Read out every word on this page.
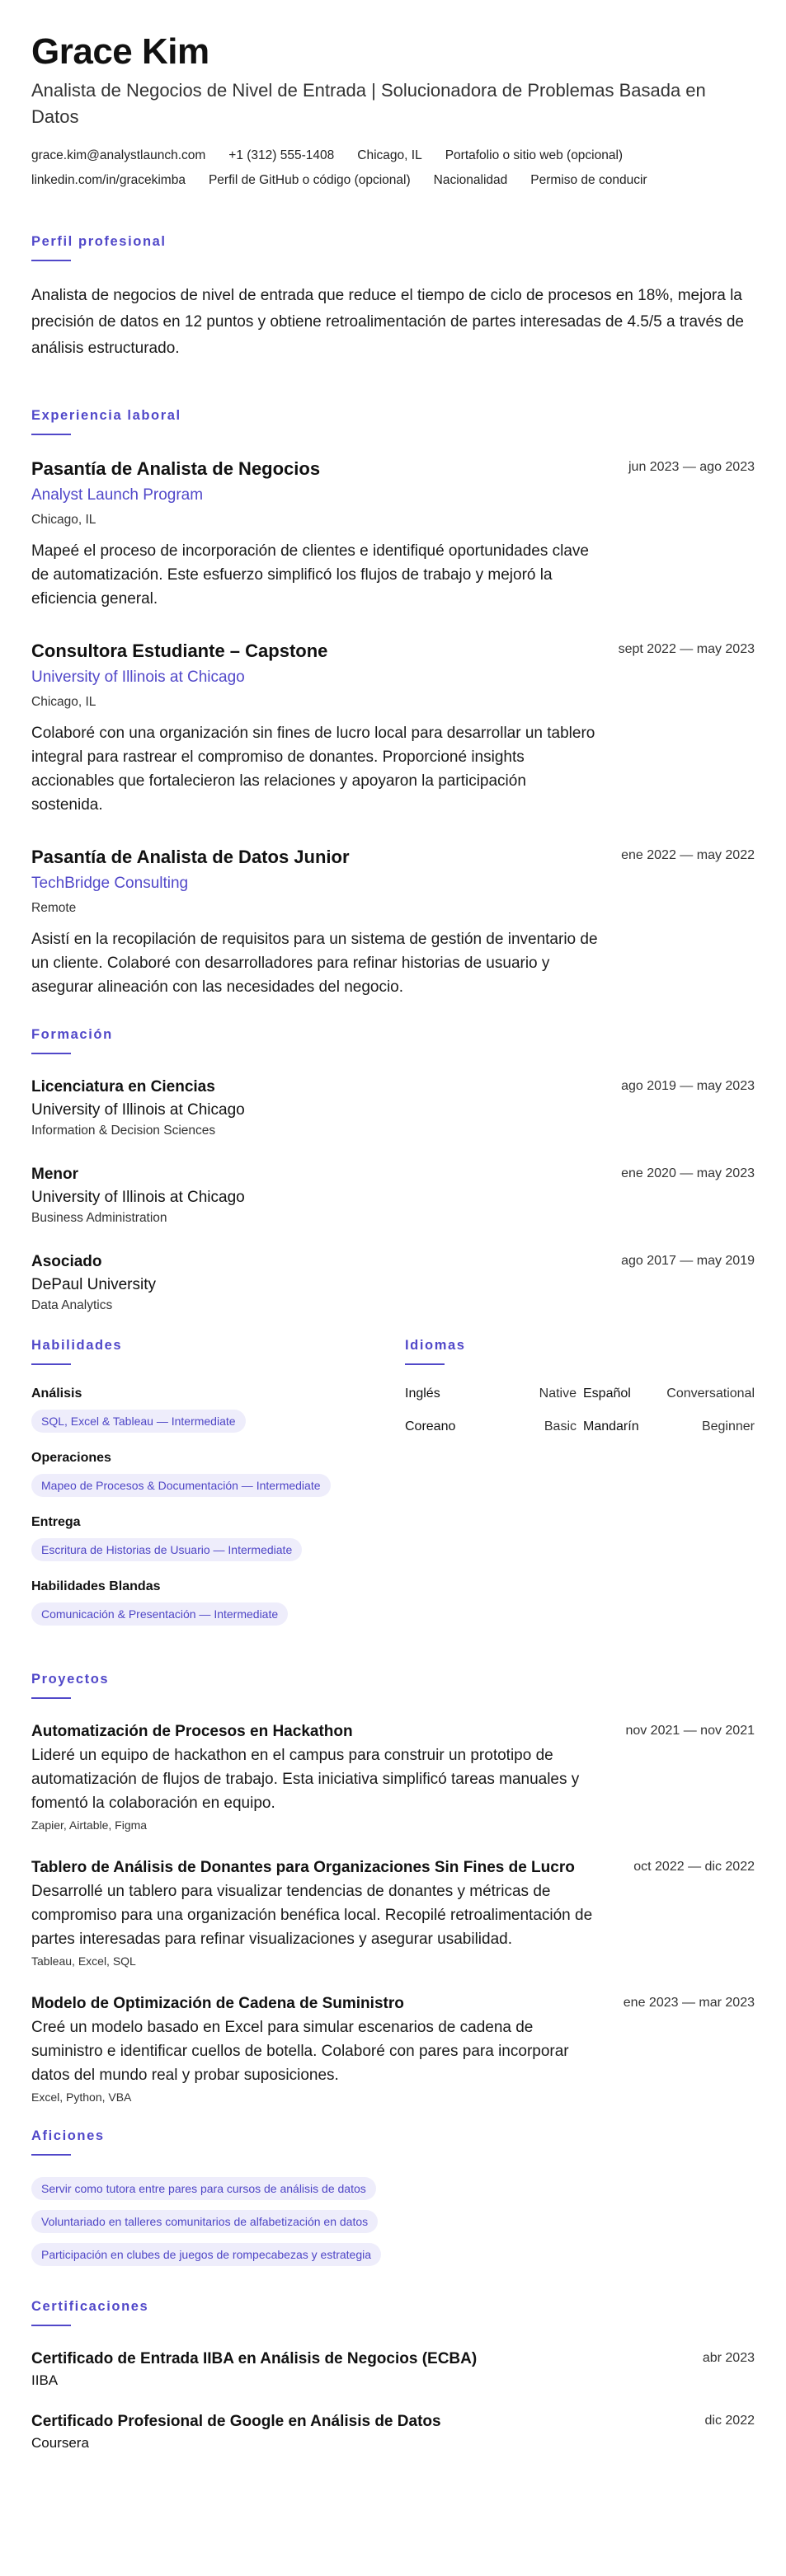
Grace Kim
Analista de Negocios de Nivel de Entrada | Solucionadora de Problemas Basada en Datos
grace.kim@analystlaunch.com +1 (312) 555-1408 Chicago, IL Portafolio o sitio web (opcional)
linkedin.com/in/gracekimba Perfil de GitHub o código (opcional) Nacionalidad Permiso de conducir
Perfil profesional
Analista de negocios de nivel de entrada que reduce el tiempo de ciclo de procesos en 18%, mejora la precisión de datos en 12 puntos y obtiene retroalimentación de partes interesadas de 4.5/5 a través de análisis estructurado.
Experiencia laboral
Pasantía de Analista de Negocios
Analyst Launch Program
Chicago, IL
Mapeé el proceso de incorporación de clientes e identifiqué oportunidades clave de automatización. Este esfuerzo simplificó los flujos de trabajo y mejoró la eficiencia general.
jun 2023 — ago 2023
Consultora Estudiante – Capstone
University of Illinois at Chicago
Chicago, IL
Colaboré con una organización sin fines de lucro local para desarrollar un tablero integral para rastrear el compromiso de donantes. Proporcioné insights accionables que fortalecieron las relaciones y apoyaron la participación sostenida.
sept 2022 — may 2023
Pasantía de Analista de Datos Junior
TechBridge Consulting
Remote
Asistí en la recopilación de requisitos para un sistema de gestión de inventario de un cliente. Colaboré con desarrolladores para refinar historias de usuario y asegurar alineación con las necesidades del negocio.
ene 2022 — may 2022
Formación
Licenciatura en Ciencias
University of Illinois at Chicago
Information & Decision Sciences
ago 2019 — may 2023
Menor
University of Illinois at Chicago
Business Administration
ene 2020 — may 2023
Asociado
DePaul University
Data Analytics
ago 2017 — may 2019
Habilidades
Análisis
SQL, Excel & Tableau — Intermediate
Operaciones
Mapeo de Procesos & Documentación — Intermediate
Entrega
Escritura de Historias de Usuario — Intermediate
Habilidades Blandas
Comunicación & Presentación — Intermediate
Idiomas
Inglés	Native Español	Conversational
Coreano	Basic Mandarín	Beginner
Proyectos
Automatización de Procesos en Hackathon
Lideré un equipo de hackathon en el campus para construir un prototipo de automatización de flujos de trabajo. Esta iniciativa simplificó tareas manuales y fomentó la colaboración en equipo.
Zapier, Airtable, Figma
nov 2021 — nov 2021
Tablero de Análisis de Donantes para Organizaciones Sin Fines de Lucro
Desarrollé un tablero para visualizar tendencias de donantes y métricas de compromiso para una organización benéfica local. Recopilé retroalimentación de partes interesadas para refinar visualizaciones y asegurar usabilidad.
Tableau, Excel, SQL
oct 2022 — dic 2022
Modelo de Optimización de Cadena de Suministro
Creé un modelo basado en Excel para simular escenarios de cadena de suministro e identificar cuellos de botella. Colaboré con pares para incorporar datos del mundo real y probar suposiciones.
Excel, Python, VBA
ene 2023 — mar 2023
Aficiones
Servir como tutora entre pares para cursos de análisis de datos
Voluntariado en talleres comunitarios de alfabetización en datos
Participación en clubes de juegos de rompecabezas y estrategia
Certificaciones
Certificado de Entrada IIBA en Análisis de Negocios (ECBA)
IIBA
abr 2023
Certificado Profesional de Google en Análisis de Datos
Coursera
dic 2022
